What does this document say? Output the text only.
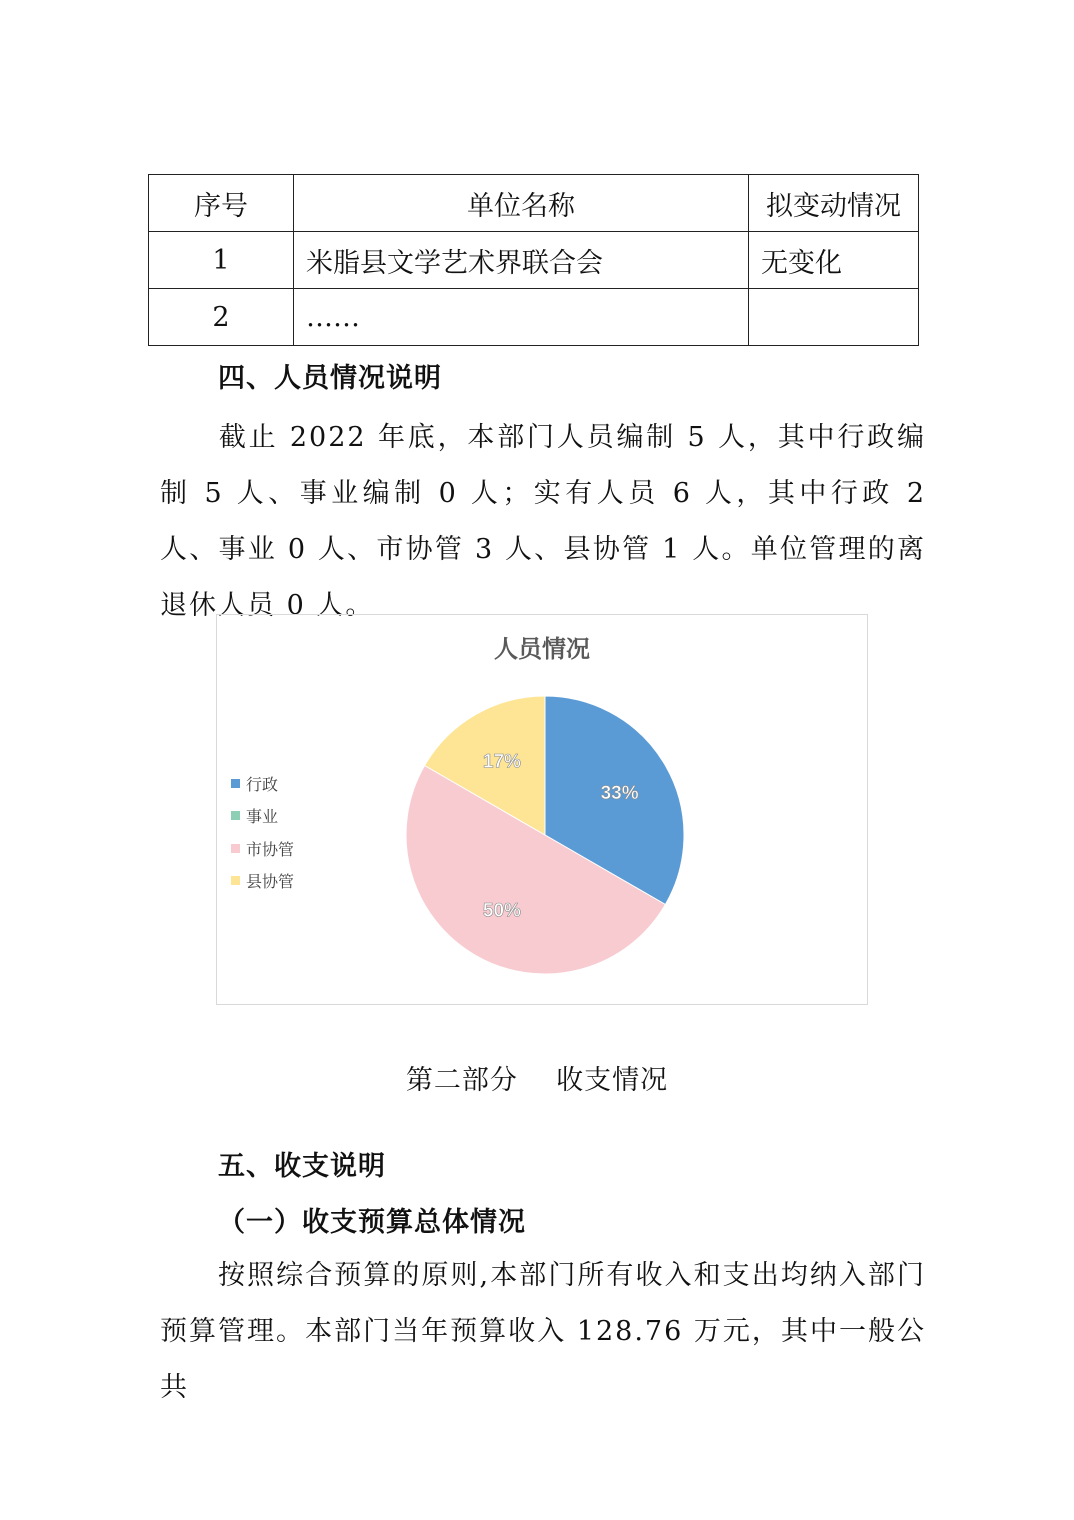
序号	单位名称	拟变动情况
1	米脂县文学艺术界联合会	无变化
2	……	
四、人员情况说明
截止 2022 年底，本部门人员编制 5 人，其中行政编制 5 人、事业编制 0 人；实有人员 6 人，其中行政 2 人、事业 0 人、市协管 3 人、县协管 1 人。单位管理的离退休人员 0 人。
人员情况
33%
50%
17%
行政
事业
市协管
县协管
第二部分    收支情况
五、收支说明
（一）收支预算总体情况
按照综合预算的原则,本部门所有收入和支出均纳入部门预算管理。本部门当年预算收入 128.76 万元，其中一般公共
